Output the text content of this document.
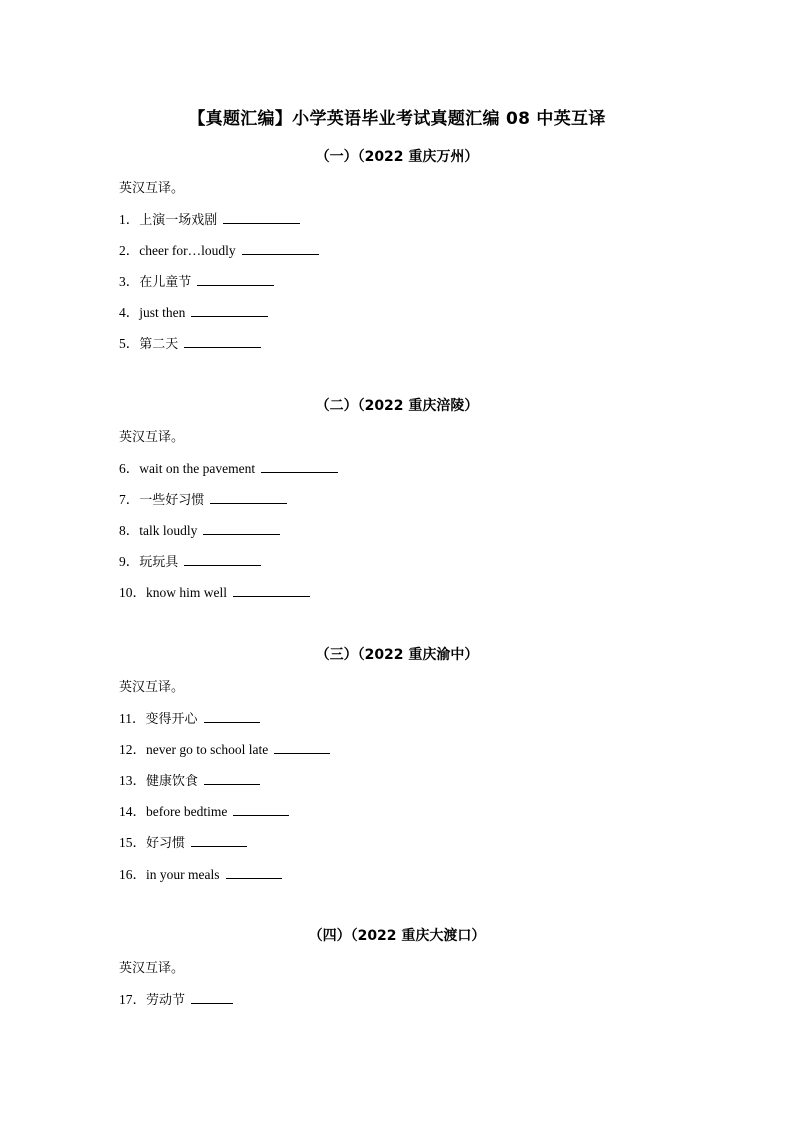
【真题汇编】小学英语毕业考试真题汇编 08 中英互译
（一）（2022 重庆万州）
英汉互译。
1．上演一场戏剧
2．cheer for…loudly
3．在儿童节
4．just then
5．第二天
（二）（2022 重庆涪陵）
英汉互译。
6．wait on the pavement
7．一些好习惯
8．talk loudly
9．玩玩具
10．know him well
（三）（2022 重庆渝中）
英汉互译。
11．变得开心
12．never go to school late
13．健康饮食
14．before bedtime
15．好习惯
16．in your meals
（四）（2022 重庆大渡口）
英汉互译。
17．劳动节
